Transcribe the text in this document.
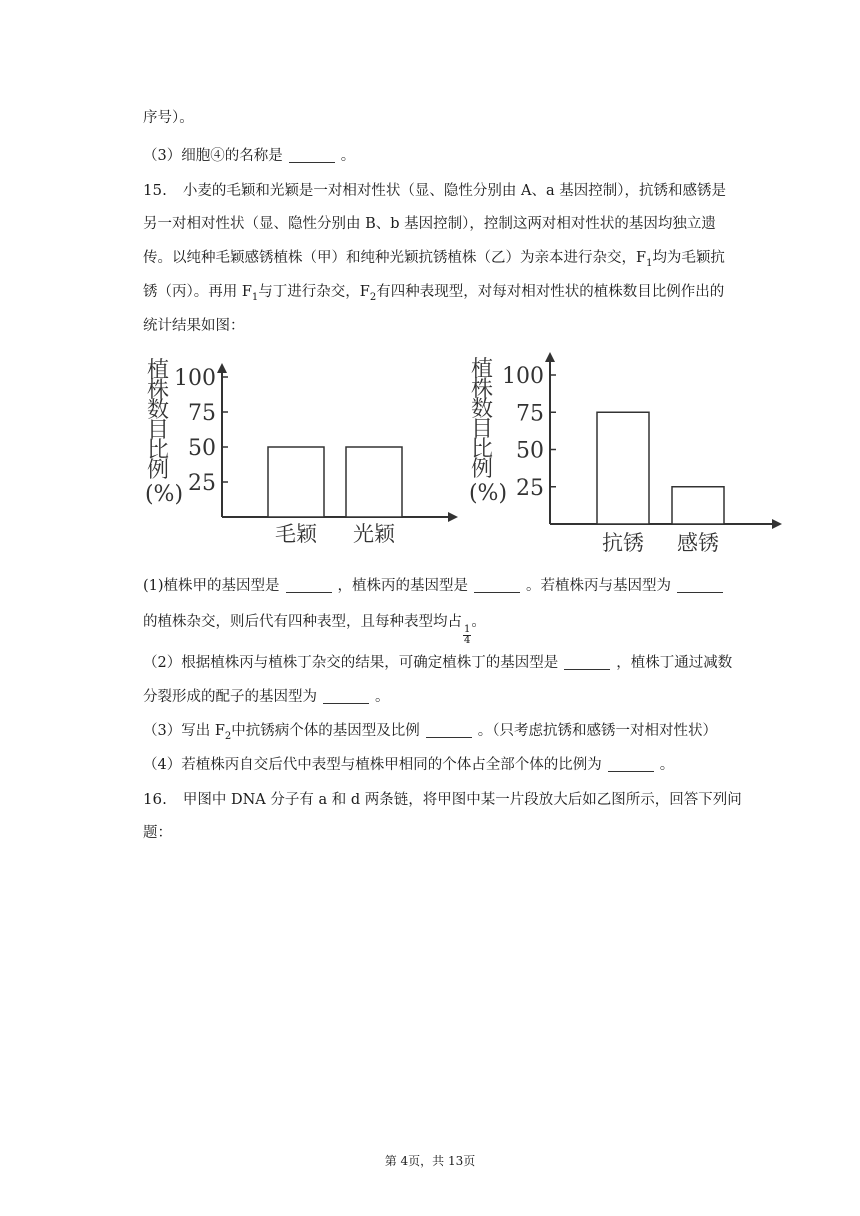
序号）。
（3）细胞④的名称是	。
15. 小麦的毛颖和光颖是一对相对性状（显、隐性分别由 A、a 基因控制），抗锈和感锈是
另一对相对性状（显、隐性分别由 B、b 基因控制），控制这两对相对性状的基因均独立遗
传。以纯种毛颖感锈植株（甲）和纯种光颖抗锈植株（乙）为亲本进行杂交，$F_1$均为毛颖抗
锈（丙）。再用 $F_1$与丁进行杂交，$F_2$有四种表现型，对每对相对性状的植株数目比例作出的
统计结果如图：
植
株
数
目
比
例
(%) 25
50
75
100
毛颖 光颖
植
株
数
目
比
例
(%) 25
50
75
100
抗锈 感锈
(1)植株甲的基因型是	，植株丙的基因型是	。若植株丙与基因型为
的植株杂交，则后代有四种表型，且每种表型均占
$\frac{1}{4}$
。
（2）根据植株丙与植株丁杂交的结果，可确定植株丁的基因型是	，植株丁通过减数
分裂形成的配子的基因型为	。
（3）写出 $F_2$中抗锈病个体的基因型及比例	。（只考虑抗锈和感锈一对相对性状）
（4）若植株丙自交后代中表型与植株甲相同的个体占全部个体的比例为	。
16. 甲图中 DNA 分子有 a 和 d 两条链，将甲图中某一片段放大后如乙图所示，回答下列问
题：
第 4页，共 13页
